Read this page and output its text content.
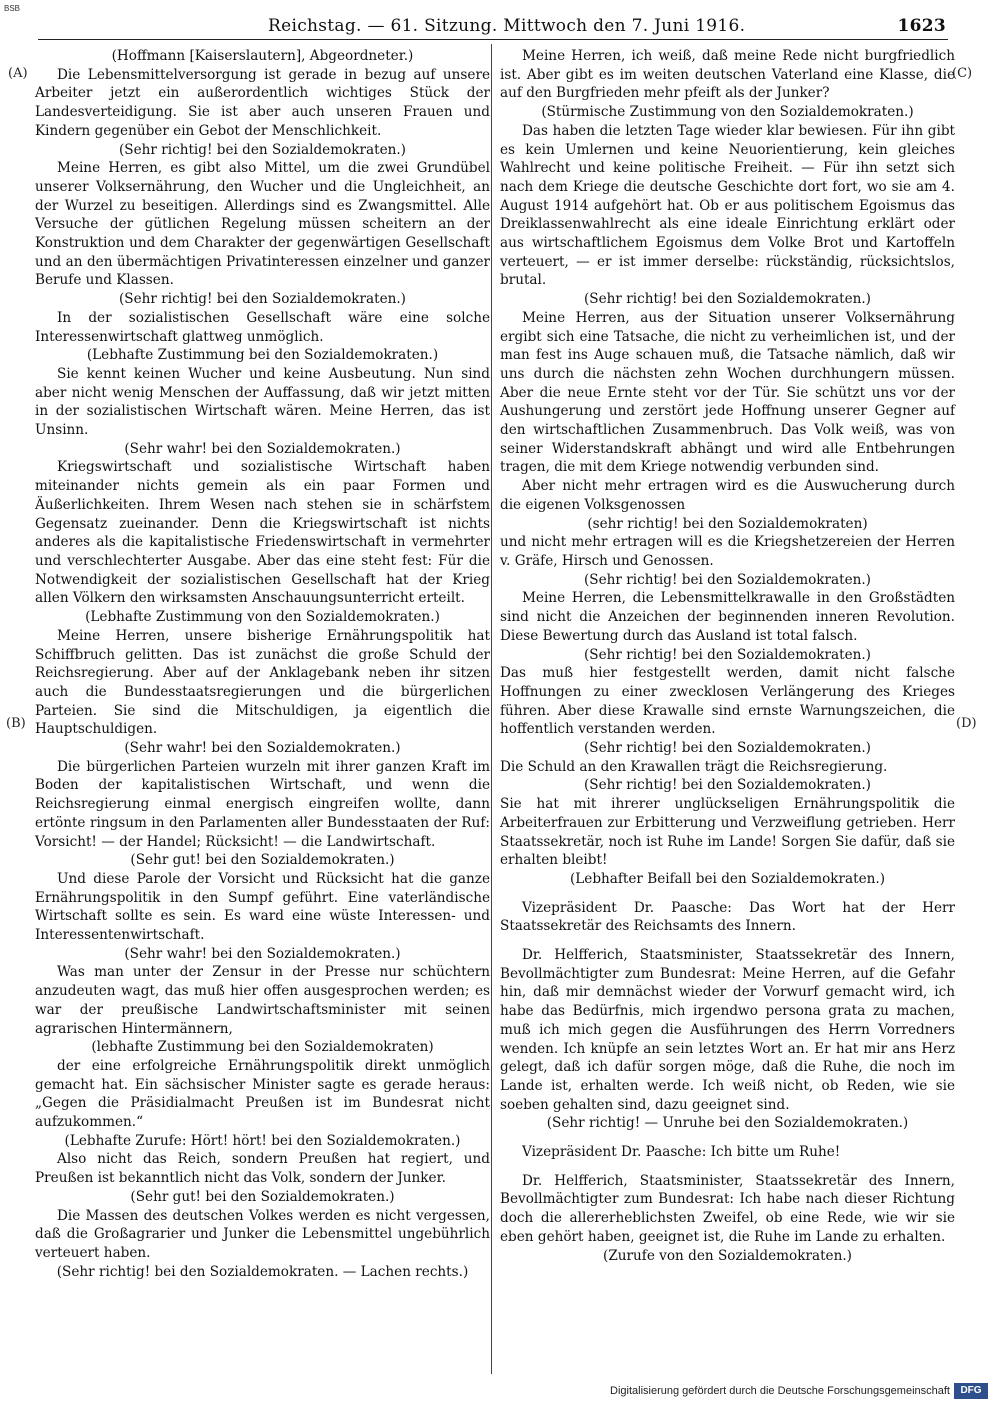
BSB
Reichstag. — 61. Sitzung. Mittwoch den 7. Juni 1916.	1623
(A)
(B)
(C)
(D)

(Hoffmann [Kaiserslautern], Abgeordneter.)

Die Lebensmittelversorgung ist gerade in bezug auf unsere Arbeiter jetzt ein außerordentlich wichtiges Stück der Landesverteidigung. Sie ist aber auch unseren Frauen und Kindern gegenüber ein Gebot der Menschlichkeit.

(Sehr richtig! bei den Sozialdemokraten.)

Meine Herren, es gibt also Mittel, um die zwei Grundübel unserer Volksernährung, den Wucher und die Ungleichheit, an der Wurzel zu beseitigen. Allerdings sind es Zwangsmittel. Alle Versuche der gütlichen Regelung müssen scheitern an der Konstruktion und dem Charakter der gegenwärtigen Gesellschaft und an den übermächtigen Privatinteressen einzelner und ganzer Berufe und Klassen.

(Sehr richtig! bei den Sozialdemokraten.)

In der sozialistischen Gesellschaft wäre eine solche Interessenwirtschaft glattweg unmöglich.

(Lebhafte Zustimmung bei den Sozialdemokraten.)

Sie kennt keinen Wucher und keine Ausbeutung. Nun sind aber nicht wenig Menschen der Auffassung, daß wir jetzt mitten in der sozialistischen Wirtschaft wären. Meine Herren, das ist Unsinn.

(Sehr wahr! bei den Sozialdemokraten.)

Kriegswirtschaft und sozialistische Wirtschaft haben miteinander nichts gemein als ein paar Formen und Äußerlichkeiten. Ihrem Wesen nach stehen sie in schärfstem Gegensatz zueinander. Denn die Kriegswirtschaft ist nichts anderes als die kapitalistische Friedenswirtschaft in vermehrter und verschlechterter Ausgabe. Aber das eine steht fest: Für die Notwendigkeit der sozialistischen Gesellschaft hat der Krieg allen Völkern den wirksamsten Anschauungsunterricht erteilt.

(Lebhafte Zustimmung von den Sozialdemokraten.)

Meine Herren, unsere bisherige Ernährungspolitik hat Schiffbruch gelitten. Das ist zunächst die große Schuld der Reichsregierung. Aber auf der Anklagebank neben ihr sitzen auch die Bundesstaatsregierungen und die bürgerlichen Parteien. Sie sind die Mitschuldigen, ja eigentlich die Hauptschuldigen.

(Sehr wahr! bei den Sozialdemokraten.)

Die bürgerlichen Parteien wurzeln mit ihrer ganzen Kraft im Boden der kapitalistischen Wirtschaft, und wenn die Reichsregierung einmal energisch eingreifen wollte, dann ertönte ringsum in den Parlamenten aller Bundesstaaten der Ruf: Vorsicht! — der Handel; Rücksicht! — die Landwirtschaft.

(Sehr gut! bei den Sozialdemokraten.)

Und diese Parole der Vorsicht und Rücksicht hat die ganze Ernährungspolitik in den Sumpf geführt. Eine vaterländische Wirtschaft sollte es sein. Es ward eine wüste Interessen- und Interessentenwirtschaft.

(Sehr wahr! bei den Sozialdemokraten.)

Was man unter der Zensur in der Presse nur schüchtern anzudeuten wagt, das muß hier offen ausgesprochen werden; es war der preußische Landwirtschaftsminister mit seinen agrarischen Hintermännern,

(lebhafte Zustimmung bei den Sozialdemokraten)

der eine erfolgreiche Ernährungspolitik direkt unmöglich gemacht hat. Ein sächsischer Minister sagte es gerade heraus: „Gegen die Präsidialmacht Preußen ist im Bundesrat nicht aufzukommen.“

(Lebhafte Zurufe: Hört! hört! bei den Sozialdemokraten.)

Also nicht das Reich, sondern Preußen hat regiert, und Preußen ist bekanntlich nicht das Volk, sondern der Junker.

(Sehr gut! bei den Sozialdemokraten.)

Die Massen des deutschen Volkes werden es nicht vergessen, daß die Großagrarier und Junker die Lebensmittel ungebührlich verteuert haben.

(Sehr richtig! bei den Sozialdemokraten. — Lachen rechts.)

Meine Herren, ich weiß, daß meine Rede nicht burgfriedlich ist. Aber gibt es im weiten deutschen Vaterland eine Klasse, die auf den Burgfrieden mehr pfeift als der Junker?

(Stürmische Zustimmung von den Sozialdemokraten.)

Das haben die letzten Tage wieder klar bewiesen. Für ihn gibt es kein Umlernen und keine Neuorientierung, kein gleiches Wahlrecht und keine politische Freiheit. — Für ihn setzt sich nach dem Kriege die deutsche Geschichte dort fort, wo sie am 4. August 1914 aufgehört hat. Ob er aus politischem Egoismus das Dreiklassenwahlrecht als eine ideale Einrichtung erklärt oder aus wirtschaftlichem Egoismus dem Volke Brot und Kartoffeln verteuert, — er ist immer derselbe: rückständig, rücksichtslos, brutal.

(Sehr richtig! bei den Sozialdemokraten.)

Meine Herren, aus der Situation unserer Volksernährung ergibt sich eine Tatsache, die nicht zu verheimlichen ist, und der man fest ins Auge schauen muß, die Tatsache nämlich, daß wir uns durch die nächsten zehn Wochen durchhungern müssen. Aber die neue Ernte steht vor der Tür. Sie schützt uns vor der Aushungerung und zerstört jede Hoffnung unserer Gegner auf den wirtschaftlichen Zusammenbruch. Das Volk weiß, was von seiner Widerstandskraft abhängt und wird alle Entbehrungen tragen, die mit dem Kriege notwendig verbunden sind.

Aber nicht mehr ertragen wird es die Auswucherung durch die eigenen Volksgenossen

(sehr richtig! bei den Sozialdemokraten)

und nicht mehr ertragen will es die Kriegshetzereien der Herren v. Gräfe, Hirsch und Genossen.

(Sehr richtig! bei den Sozialdemokraten.)

Meine Herren, die Lebensmittelkrawalle in den Großstädten sind nicht die Anzeichen der beginnenden inneren Revolution. Diese Bewertung durch das Ausland ist total falsch.

(Sehr richtig! bei den Sozialdemokraten.)

Das muß hier festgestellt werden, damit nicht falsche Hoffnungen zu einer zwecklosen Verlängerung des Krieges führen. Aber diese Krawalle sind ernste Warnungszeichen, die hoffentlich verstanden werden.

(Sehr richtig! bei den Sozialdemokraten.)

Die Schuld an den Krawallen trägt die Reichsregierung.

(Sehr richtig! bei den Sozialdemokraten.)

Sie hat mit ihrerer unglückseligen Ernährungspolitik die Arbeiterfrauen zur Erbitterung und Verzweiflung getrieben. Herr Staatssekretär, noch ist Ruhe im Lande! Sorgen Sie dafür, daß sie erhalten bleibt!

(Lebhafter Beifall bei den Sozialdemokraten.)

Vizepräsident Dr. Paasche: Das Wort hat der Herr Staatssekretär des Reichsamts des Innern.

Dr. Helfferich, Staatsminister, Staatssekretär des Innern, Bevollmächtigter zum Bundesrat: Meine Herren, auf die Gefahr hin, daß mir demnächst wieder der Vorwurf gemacht wird, ich habe das Bedürfnis, mich irgendwo persona grata zu machen, muß ich mich gegen die Ausführungen des Herrn Vorredners wenden. Ich knüpfe an sein letztes Wort an. Er hat mir ans Herz gelegt, daß ich dafür sorgen möge, daß die Ruhe, die noch im Lande ist, erhalten werde. Ich weiß nicht, ob Reden, wie sie soeben gehalten sind, dazu geeignet sind.

(Sehr richtig! — Unruhe bei den Sozialdemokraten.)

Vizepräsident Dr. Paasche: Ich bitte um Ruhe!

Dr. Helfferich, Staatsminister, Staatssekretär des Innern, Bevollmächtigter zum Bundesrat: Ich habe nach dieser Richtung doch die allererheblichsten Zweifel, ob eine Rede, wie wir sie eben gehört haben, geeignet ist, die Ruhe im Lande zu erhalten.

(Zurufe von den Sozialdemokraten.)

Digitalisierung gefördert durch die Deutsche Forschungsgemeinschaft	DFG
